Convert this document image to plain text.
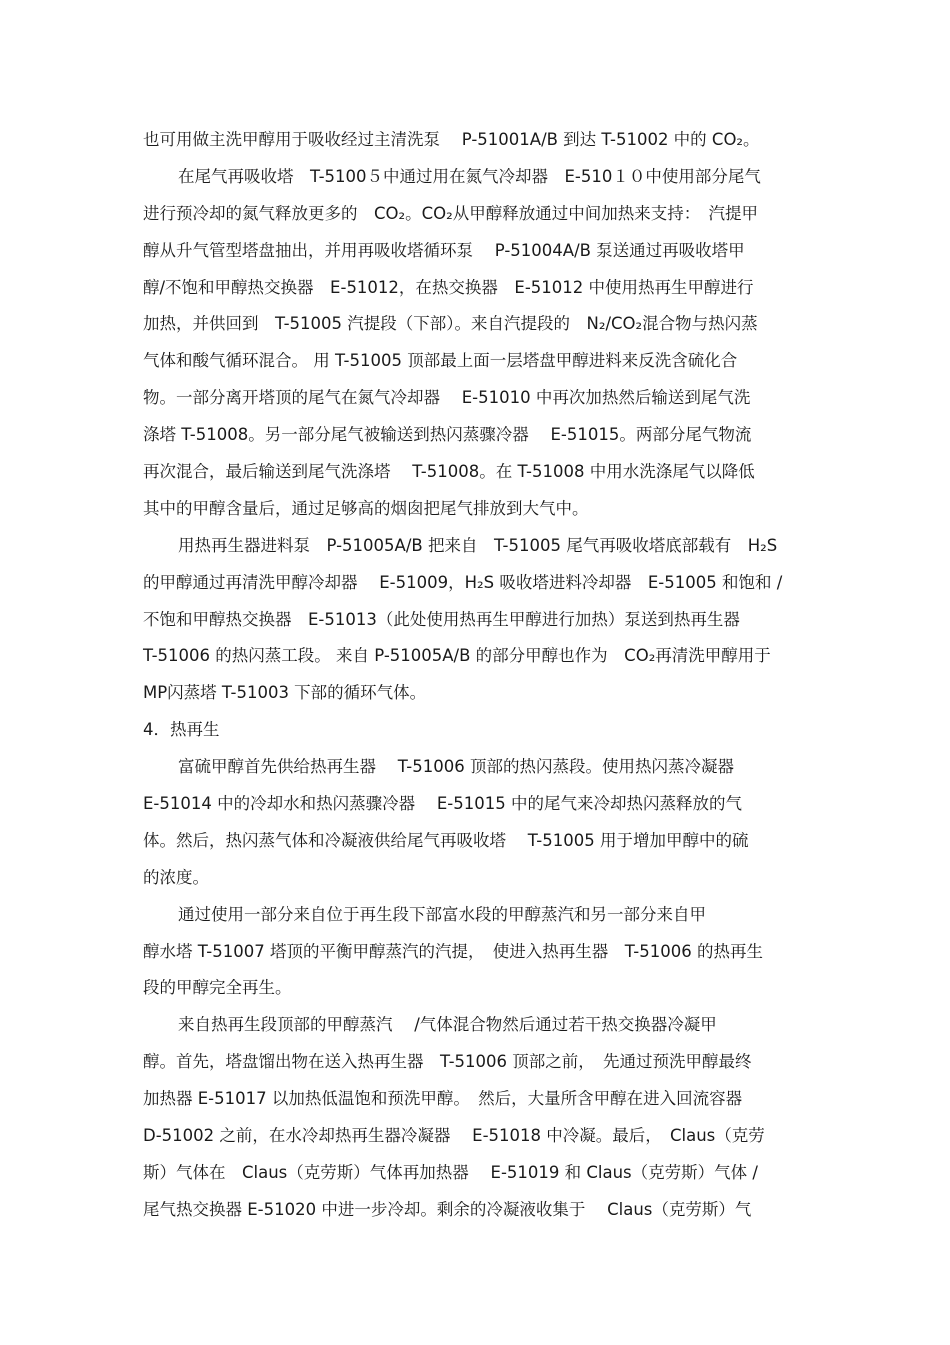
也可用做主洗甲醇用于吸收经过主清洗泵　 P-51001A/B 到达 T-51002 中的 CO₂。
在尾气再吸收塔　T-5100５中通过用在氮气冷却器　E-510１０中使用部分尾气
进行预冷却的氮气释放更多的　CO₂。CO₂从甲醇释放通过中间加热来支持：　汽提甲
醇从升气管型塔盘抽出，并用再吸收塔循环泵　 P-51004A/B 泵送通过再吸收塔甲
醇/不饱和甲醇热交换器　E-51012，在热交换器　E-51012 中使用热再生甲醇进行
加热，并供回到　T-51005 汽提段（下部）。来自汽提段的　N₂/CO₂混合物与热闪蒸
气体和酸气循环混合。 用 T-51005 顶部最上面一层塔盘甲醇进料来反洗含硫化合
物。一部分离开塔顶的尾气在氮气冷却器　 E-51010 中再次加热然后输送到尾气洗
涤塔 T-51008。另一部分尾气被输送到热闪蒸骤冷器　 E-51015。两部分尾气物流
再次混合，最后输送到尾气洗涤塔　 T-51008。在 T-51008 中用水洗涤尾气以降低
其中的甲醇含量后，通过足够高的烟囱把尾气排放到大气中。
用热再生器进料泵　P-51005A/B 把来自　T-51005 尾气再吸收塔底部载有　H₂S
的甲醇通过再清洗甲醇冷却器　 E-51009，H₂S 吸收塔进料冷却器　E-51005 和饱和 /
不饱和甲醇热交换器　E-51013（此处使用热再生甲醇进行加热）泵送到热再生器
T-51006 的热闪蒸工段。 来自 P-51005A/B 的部分甲醇也作为　CO₂再清洗甲醇用于
MP闪蒸塔 T-51003 下部的循环气体。
4．热再生
富硫甲醇首先供给热再生器　 T-51006 顶部的热闪蒸段。使用热闪蒸冷凝器
E-51014 中的冷却水和热闪蒸骤冷器　 E-51015 中的尾气来冷却热闪蒸释放的气
体。然后，热闪蒸气体和冷凝液供给尾气再吸收塔　 T-51005 用于增加甲醇中的硫
的浓度。
通过使用一部分来自位于再生段下部富水段的甲醇蒸汽和另一部分来自甲
醇水塔 T-51007 塔顶的平衡甲醇蒸汽的汽提，　使进入热再生器　T-51006 的热再生
段的甲醇完全再生。
来自热再生段顶部的甲醇蒸汽　 /气体混合物然后通过若干热交换器冷凝甲
醇。首先，塔盘馏出物在送入热再生器　T-51006 顶部之前，　先通过预洗甲醇最终
加热器 E-51017 以加热低温饱和预洗甲醇。　然后，大量所含甲醇在进入回流容器
D-51002 之前，在水冷却热再生器冷凝器　 E-51018 中冷凝。最后，　Claus（克劳
斯）气体在　Claus（克劳斯）气体再加热器　 E-51019 和 Claus（克劳斯）气体 /
尾气热交换器 E-51020 中进一步冷却。剩余的冷凝液收集于　 Claus（克劳斯）气
